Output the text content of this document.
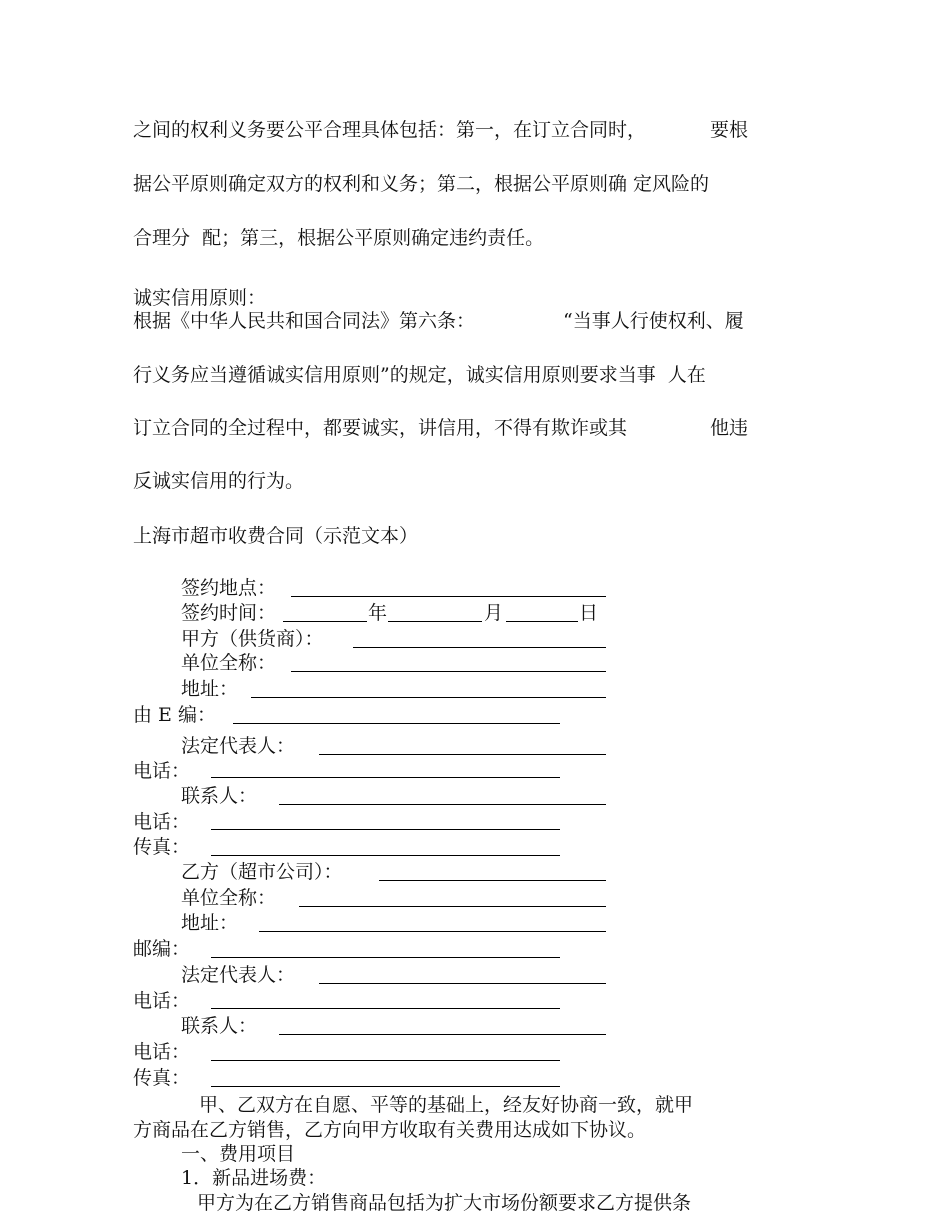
之间的权利义务要公平合理具体包括：第一，在订立合同时，	要根
据公平原则确定双方的权利和义务；第二，根据公平原则确 定风险的
合理分  配；第三，根据公平原则确定违约责任。
诚实信用原则：
根据《中华人民共和国合同法》第六条：	“当事人行使权利、履
行义务应当遵循诚实信用原则”的规定，诚实信用原则要求当事  人在
订立合同的全过程中，都要诚实，讲信用，不得有欺诈或其	他违
反诚实信用的行为。
上海市超市收费合同（示范文本）
签约地点：
签约时间：	年	月	日
甲方（供货商）：
单位全称：
地址：
由 E 编：
法定代表人：
电话：
联系人：
电话：
传真：
乙方（超市公司）：
单位全称：
地址：
邮编：
法定代表人：
电话：
联系人：
电话：
传真：
甲、乙双方在自愿、平等的基础上，经友好协商一致，就甲
方商品在乙方销售，乙方向甲方收取有关费用达成如下协议。
一、费用项目
1．新品进场费：
甲方为在乙方销售商品包括为扩大市场份额要求乙方提供条
